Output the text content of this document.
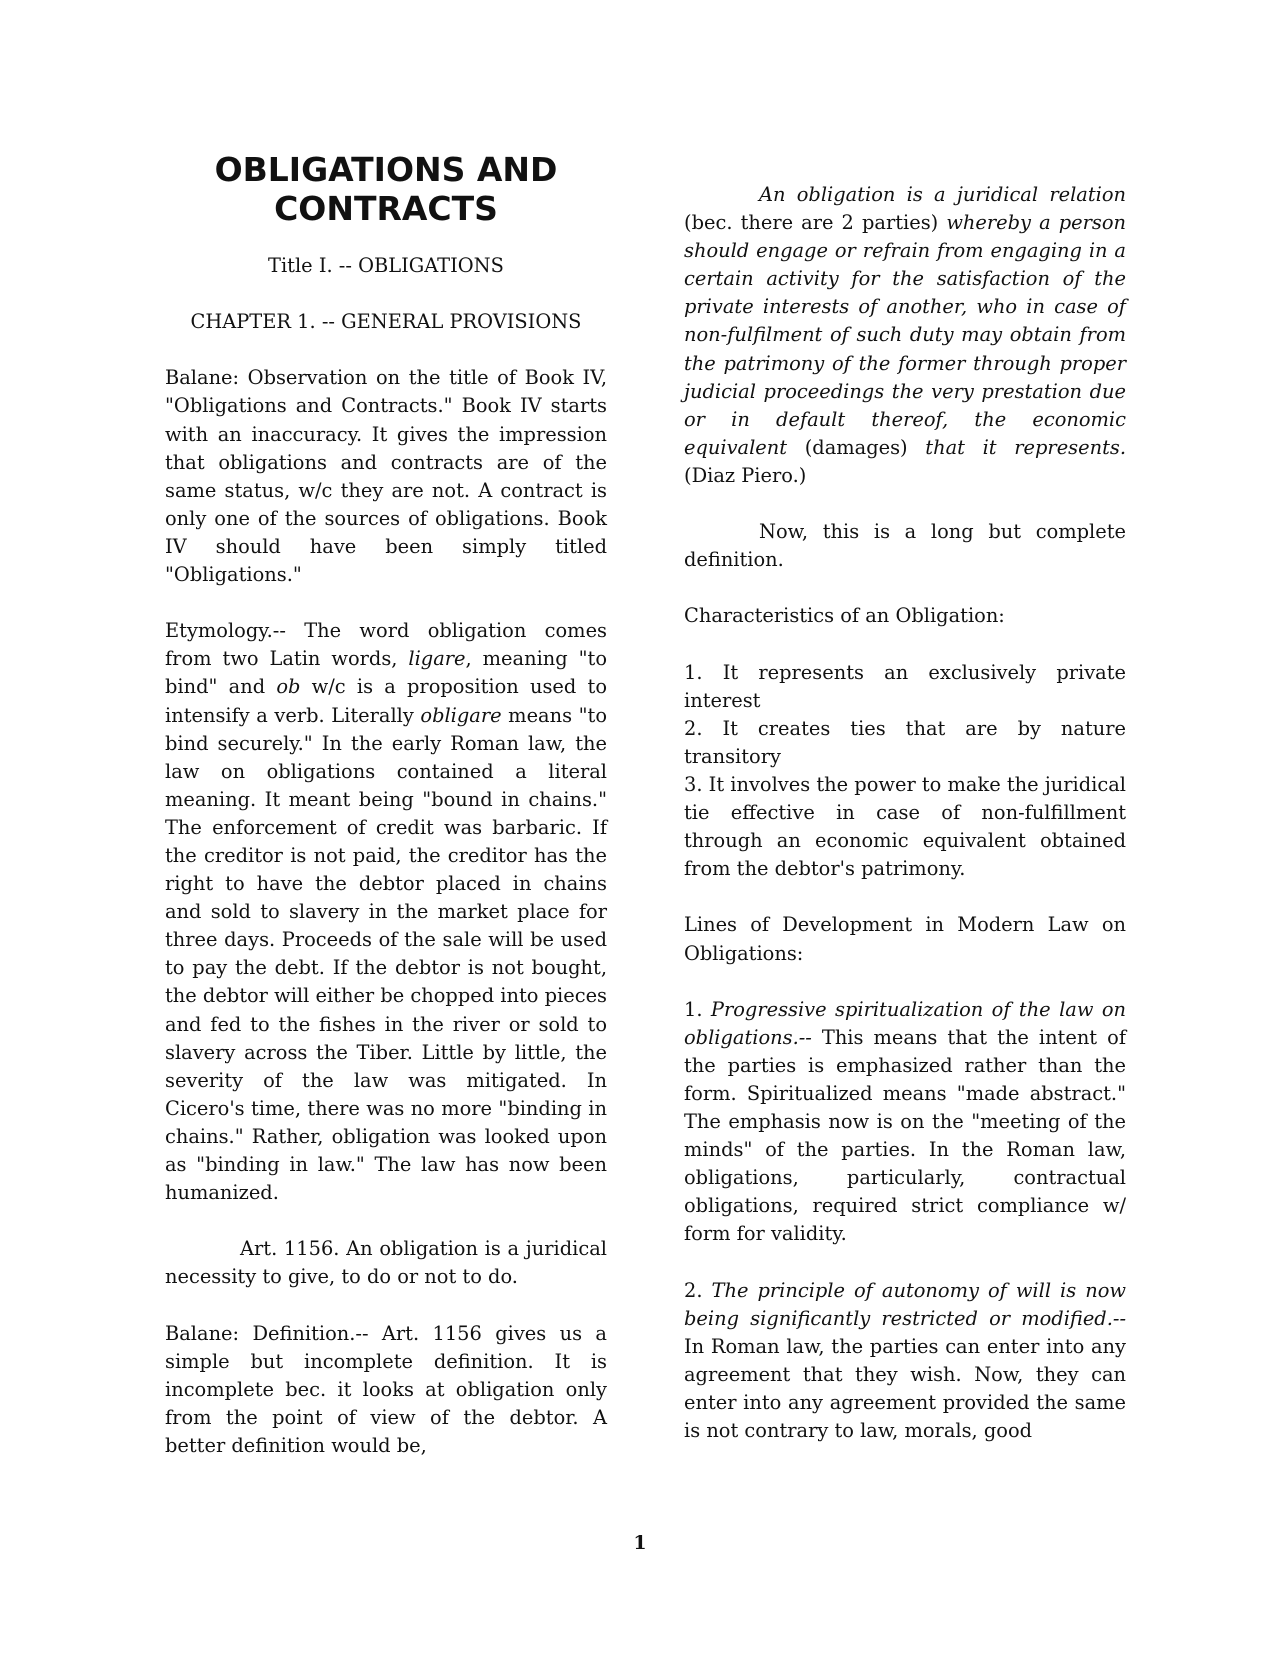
OBLIGATIONS AND CONTRACTS

Title I. -- OBLIGATIONS

CHAPTER 1. -- GENERAL PROVISIONS

Balane: Observation on the title of Book IV, "Obligations and Contracts." Book IV starts with an inaccuracy. It gives the impression that obligations and contracts are of the same status, w/c they are not. A contract is only one of the sources of obligations. Book IV should have been simply titled "Obligations."

Etymology.-- The word obligation comes from two Latin words, ligare, meaning "to bind" and ob w/c is a proposition used to intensify a verb. Literally obligare means "to bind securely." In the early Roman law, the law on obligations contained a literal meaning. It meant being "bound in chains." The enforcement of credit was barbaric. If the creditor is not paid, the creditor has the right to have the debtor placed in chains and sold to slavery in the market place for three days. Proceeds of the sale will be used to pay the debt. If the debtor is not bought, the debtor will either be chopped into pieces and fed to the fishes in the river or sold to slavery across the Tiber. Little by little, the severity of the law was mitigated. In Cicero's time, there was no more "binding in chains." Rather, obligation was looked upon as "binding in law." The law has now been humanized.

Art. 1156. An obligation is a juridical necessity to give, to do or not to do.

Balane: Definition.-- Art. 1156 gives us a simple but incomplete definition. It is incomplete bec. it looks at obligation only from the point of view of the debtor. A better definition would be,

An obligation is a juridical relation (bec. there are 2 parties) whereby a person should engage or refrain from engaging in a certain activity for the satisfaction of the private interests of another, who in case of non-fulfilment of such duty may obtain from the patrimony of the former through proper judicial proceedings the very prestation due or in default thereof, the economic equivalent (damages) that it represents. (Diaz Piero.)

Now, this is a long but complete definition.

Characteristics of an Obligation:

1. It represents an exclusively private interest
2. It creates ties that are by nature transitory
3. It involves the power to make the juridical tie effective in case of non-fulfillment through an economic equivalent obtained from the debtor's patrimony.

Lines of Development in Modern Law on Obligations:

1. Progressive spiritualization of the law on obligations.-- This means that the intent of the parties is emphasized rather than the form. Spiritualized means "made abstract." The emphasis now is on the "meeting of the minds" of the parties. In the Roman law, obligations, particularly, contractual obligations, required strict compliance w/ form for validity.

2. The principle of autonomy of will is now being significantly restricted or modified.-- In Roman law, the parties can enter into any agreement that they wish. Now, they can enter into any agreement provided the same is not contrary to law, morals, good

1
